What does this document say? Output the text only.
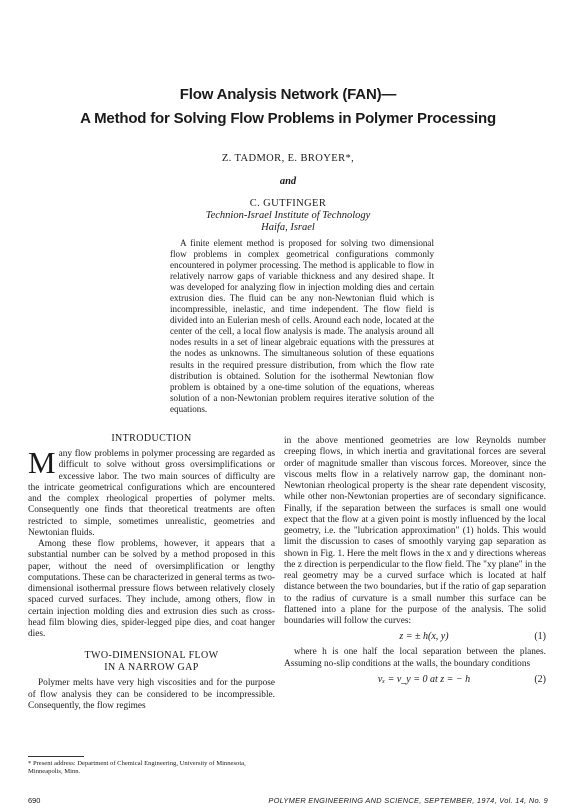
Flow Analysis Network (FAN)—
A Method for Solving Flow Problems in Polymer Processing
Z. TADMOR, E. BROYER*,
and
C. GUTFINGER
Technion-Israel Institute of Technology
Haifa, Israel
A finite element method is proposed for solving two dimensional flow problems in complex geometrical configurations commonly encountered in polymer processing. The method is applicable to flow in relatively narrow gaps of variable thickness and any desired shape. It was developed for analyzing flow in injection molding dies and certain extrusion dies. The fluid can be any non-Newtonian fluid which is incompressible, inelastic, and time independent. The flow field is divided into an Eulerian mesh of cells. Around each node, located at the center of the cell, a local flow analysis is made. The analysis around all nodes results in a set of linear algebraic equations with the pressures at the nodes as unknowns. The simultaneous solution of these equations results in the required pressure distribution, from which the flow rate distribution is obtained. Solution for the isothermal Newtonian flow problem is obtained by a one-time solution of the equations, whereas solution of a non-Newtonian problem requires iterative solution of the equations.
INTRODUCTION

Many flow problems in polymer processing are regarded as difficult to solve without gross oversimplifications or excessive labor. The two main sources of difficulty are the intricate geometrical configurations which are encountered and the complex rheological properties of polymer melts. Consequently one finds that theoretical treatments are often restricted to simple, sometimes unrealistic, geometries and Newtonian fluids.

Among these flow problems, however, it appears that a substantial number can be solved by a method proposed in this paper, without the need of oversimplification or lengthy computations. These can be characterized in general terms as two-dimensional isothermal pressure flows between relatively closely spaced curved surfaces. They include, among others, flow in certain injection molding dies and extrusion dies such as cross-head film blowing dies, spider-legged pipe dies, and coat hanger dies.

TWO-DIMENSIONAL FLOW
IN A NARROW GAP

Polymer melts have very high viscosities and for the purpose of flow analysis they can be considered to be incompressible. Consequently, the flow regimes

* Present address: Department of Chemical Engineering, University of Minnesota, Minneapolis, Minn.

in the above mentioned geometries are low Reynolds number creeping flows, in which inertia and gravitational forces are several order of magnitude smaller than viscous forces. Moreover, since the viscous melts flow in a relatively narrow gap, the dominant non-Newtonian rheological property is the shear rate dependent viscosity, while other non-Newtonian properties are of secondary significance. Finally, if the separation between the surfaces is small one would expect that the flow at a given point is mostly influenced by the local geometry, i.e. the "lubrication approximation" (1) holds. This would limit the discussion to cases of smoothly varying gap separation as shown in Fig. 1. Here the melt flows in the x and y directions whereas the z direction is perpendicular to the flow field. The "xy plane" in the real geometry may be a curved surface which is located at half distance between the two boundaries, but if the ratio of gap separation to the radius of curvature is a small number this surface can be flattened into a plane for the purpose of the analysis. The solid boundaries will follow the curves:

z = ± h(x, y)	(1)

where h is one half the local separation between the planes. Assuming no-slip conditions at the walls, the boundary conditions

vₓ = v_y = 0 at z = − h	(2)
690	POLYMER ENGINEERING AND SCIENCE, SEPTEMBER, 1974, Vol. 14, No. 9
